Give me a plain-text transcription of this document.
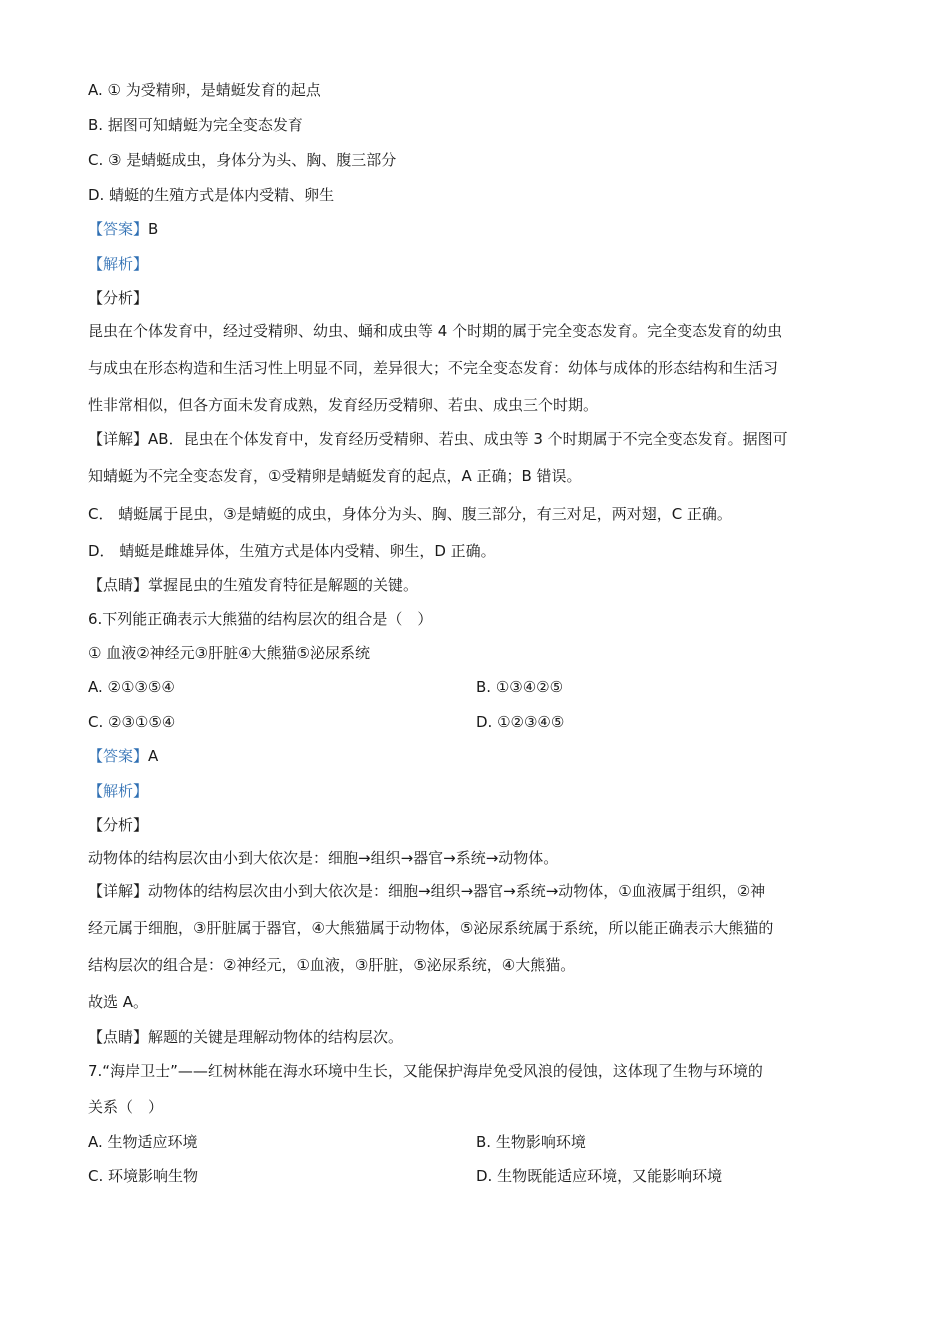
A. ① 为受精卵，是蜻蜓发育的起点
B. 据图可知蜻蜓为完全变态发育
C. ③ 是蜻蜓成虫，身体分为头、胸、腹三部分
D. 蜻蜓的生殖方式是体内受精、卵生
【答案】B
【解析】
【分析】
昆虫在个体发育中，经过受精卵、幼虫、蛹和成虫等 4 个时期的属于完全变态发育。完全变态发育的幼虫
与成虫在形态构造和生活习性上明显不同，差异很大；不完全变态发育：幼体与成体的形态结构和生活习
性非常相似，但各方面未发育成熟，发育经历受精卵、若虫、成虫三个时期。
【详解】AB．昆虫在个体发育中，发育经历受精卵、若虫、成虫等 3 个时期属于不完全变态发育。据图可
知蜻蜓为不完全变态发育，①受精卵是蜻蜓发育的起点，A 正确；B 错误。
C． 蜻蜓属于昆虫，③是蜻蜓的成虫，身体分为头、胸、腹三部分，有三对足，两对翅，C 正确。
D． 蜻蜓是雌雄异体，生殖方式是体内受精、卵生，D 正确。
【点睛】掌握昆虫的生殖发育特征是解题的关键。
6.下列能正确表示大熊猫的结构层次的组合是（　）
① 血液②神经元③肝脏④大熊猫⑤泌尿系统
A. ②①③⑤④	B. ①③④②⑤
C. ②③①⑤④	D. ①②③④⑤
【答案】A
【解析】
【分析】
动物体的结构层次由小到大依次是：细胞→组织→器官→系统→动物体。
【详解】动物体的结构层次由小到大依次是：细胞→组织→器官→系统→动物体，①血液属于组织，②神
经元属于细胞，③肝脏属于器官，④大熊猫属于动物体，⑤泌尿系统属于系统，所以能正确表示大熊猫的
结构层次的组合是：②神经元，①血液，③肝脏，⑤泌尿系统，④大熊猫。
故选 A。
【点睛】解题的关键是理解动物体的结构层次。
7.“海岸卫士”——红树林能在海水环境中生长，又能保护海岸免受风浪的侵蚀，这体现了生物与环境的
关系（　）
A. 生物适应环境	B. 生物影响环境
C. 环境影响生物	D. 生物既能适应环境，又能影响环境
